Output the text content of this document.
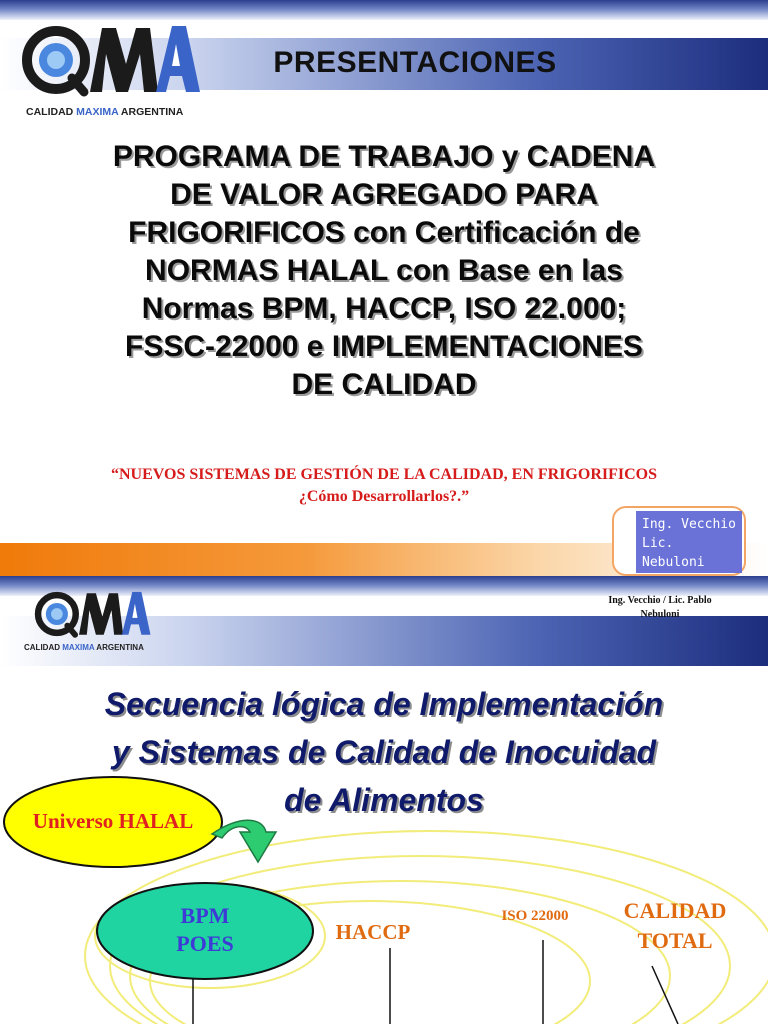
CALIDAD MAXIMA ARGENTINA
PRESENTACIONES
PROGRAMA DE TRABAJO y CADENA
DE VALOR AGREGADO PARA
FRIGORIFICOS con Certificación de
NORMAS HALAL con Base en las
Normas BPM, HACCP, ISO 22.000;
FSSC-22000 e IMPLEMENTACIONES
DE CALIDAD
“NUEVOS SISTEMAS DE GESTIÓN DE LA CALIDAD, EN FRIGORIFICOS
¿Cómo Desarrollarlos?.”
Ing. Vecchio
Lic.
Nebuloni
CALIDAD MAXIMA ARGENTINA
Ing. Vecchio / Lic. Pablo
Nebuloni
Secuencia lógica de Implementación
y Sistemas de Calidad de Inocuidad
de Alimentos
Universo HALAL
BPM
POES	HACCP
ISO 22000	CALIDAD
TOTAL
